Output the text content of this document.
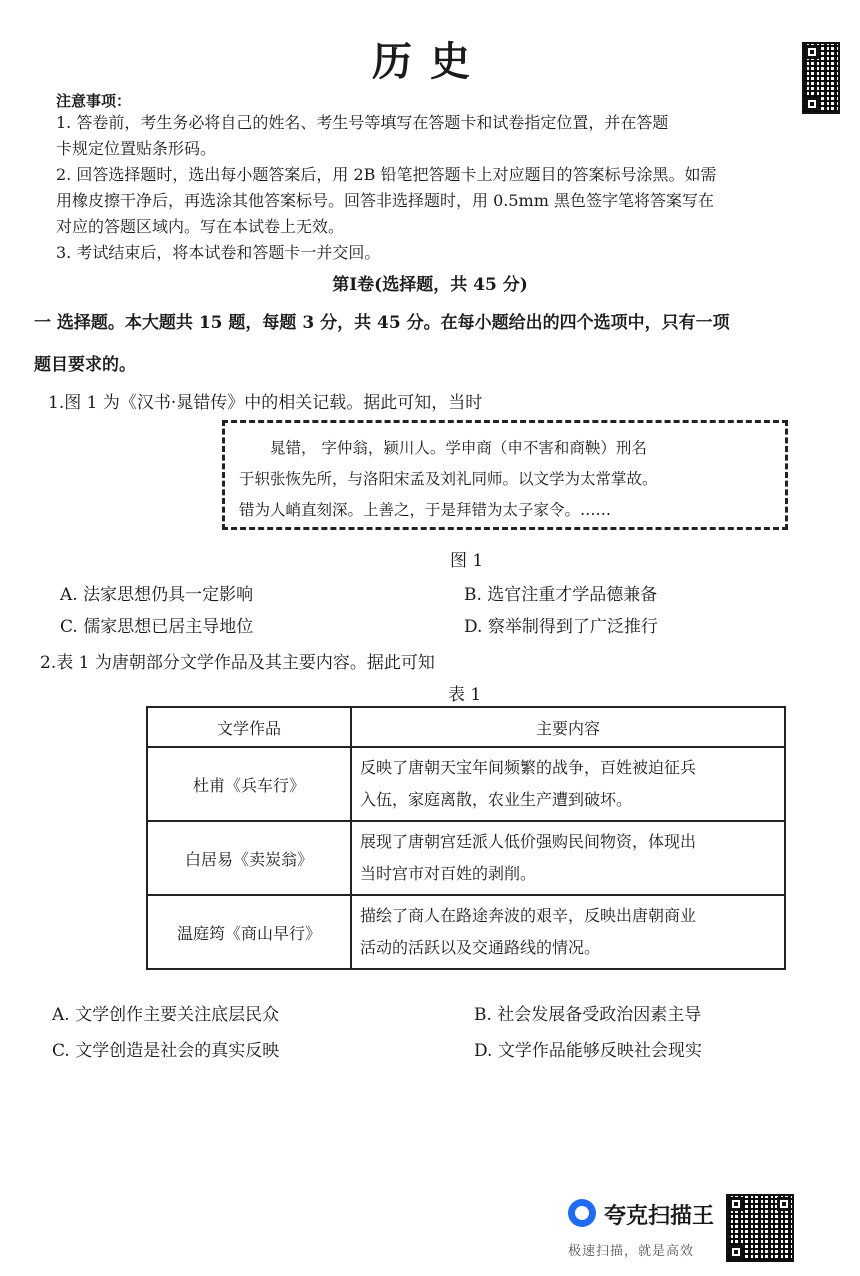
历史
注意事项：
1. 答卷前，考生务必将自己的姓名、考生号等填写在答题卡和试卷指定位置，并在答题
卡规定位置贴条形码。
2. 回答选择题时，选出每小题答案后，用 2B 铅笔把答题卡上对应题目的答案标号涂黑。如需
用橡皮擦干净后，再选涂其他答案标号。回答非选择题时，用 0.5mm 黑色签字笔将答案写在
对应的答题区域内。写在本试卷上无效。
3. 考试结束后，将本试卷和答题卡一并交回。
第Ⅰ卷(选择题，共 45 分)
一 选择题。本大题共 15 题，每题 3 分，共 45 分。在每小题给出的四个选项中，只有一项
题目要求的。
1.图 1 为《汉书·晁错传》中的相关记载。据此可知，当时

　　晁错， 字仲翁，颍川人。学申商（申不害和商鞅）刑名

于轵张恢先所，与洛阳宋孟及刘礼同师。以文学为太常掌故。

错为人峭直刻深。上善之，于是拜错为太子家令。……

图 1
A. 法家思想仍具一定影响	B. 选官注重才学品德兼备
C. 儒家思想已居主导地位	D. 察举制得到了广泛推行
2.表 1 为唐朝部分文学作品及其主要内容。据此可知
表 1
文学作品	主要内容
杜甫《兵车行》	反映了唐朝天宝年间频繁的战争，百姓被迫征兵
入伍，家庭离散，农业生产遭到破坏。

白居易《卖炭翁》	展现了唐朝宫廷派人低价强购民间物资，体现出
当时宫市对百姓的剥削。

温庭筠《商山早行》	描绘了商人在路途奔波的艰辛，反映出唐朝商业
活动的活跃以及交通路线的情况。
A. 文学创作主要关注底层民众	B. 社会发展备受政治因素主导
C. 文学创造是社会的真实反映	D. 文学作品能够反映社会现实
夸克扫描王
极速扫描，就是高效
